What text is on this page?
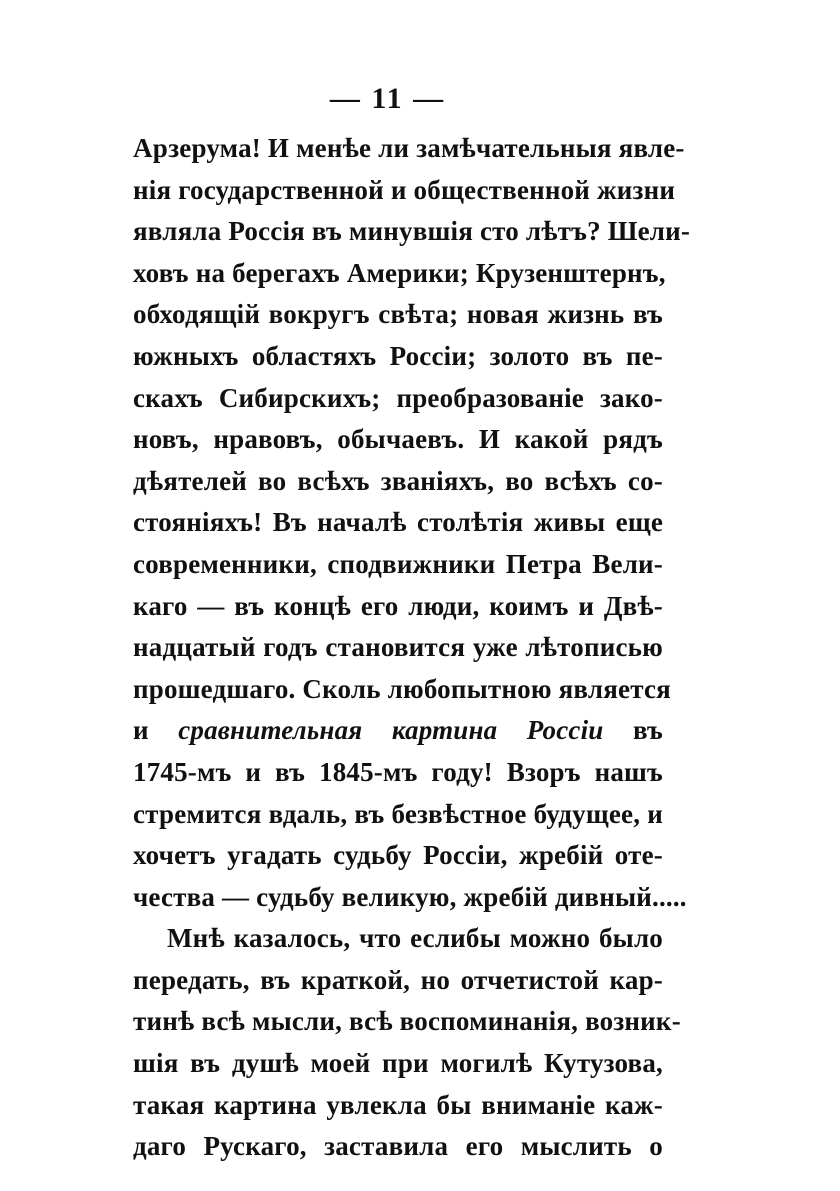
— 11 —
Арзерума! И менѣе ли замѣчательныя явле-
нія государственной и общественной жизни
являла Россія въ минувшія сто лѣтъ? Шели-
ховъ на берегахъ Америки; Крузенштернъ,
обходящій вокругъ свѣта; новая жизнь въ
южныхъ областяхъ Россіи; золото въ пе-
скахъ Сибирскихъ; преобразованіе зако-
новъ, нравовъ, обычаевъ. И какой рядъ
дѣятелей во всѣхъ званіяхъ, во всѣхъ со-
стояніяхъ! Въ началѣ столѣтія живы еще
современники, сподвижники Петра Вели-
каго — въ концѣ его люди, коимъ и Двѣ-
надцатый годъ становится уже лѣтописью
прошедшаго. Сколь любопытною является
и сравнительная картина Россіи въ
1745-мъ и въ 1845-мъ году! Взоръ нашъ
стремится вдаль, въ безвѣстное будущее, и
хочетъ угадать судьбу Россіи, жребій оте-
чества — судьбу великую, жребій дивный.....
Мнѣ казалось, что еслибы можно было
передать, въ краткой, но отчетистой кар-
тинѣ всѣ мысли, всѣ воспоминанія, возник-
шія въ душѣ моей при могилѣ Кутузова,
такая картина увлекла бы вниманіе каж-
даго Рускаго, заставила его мыслить о
